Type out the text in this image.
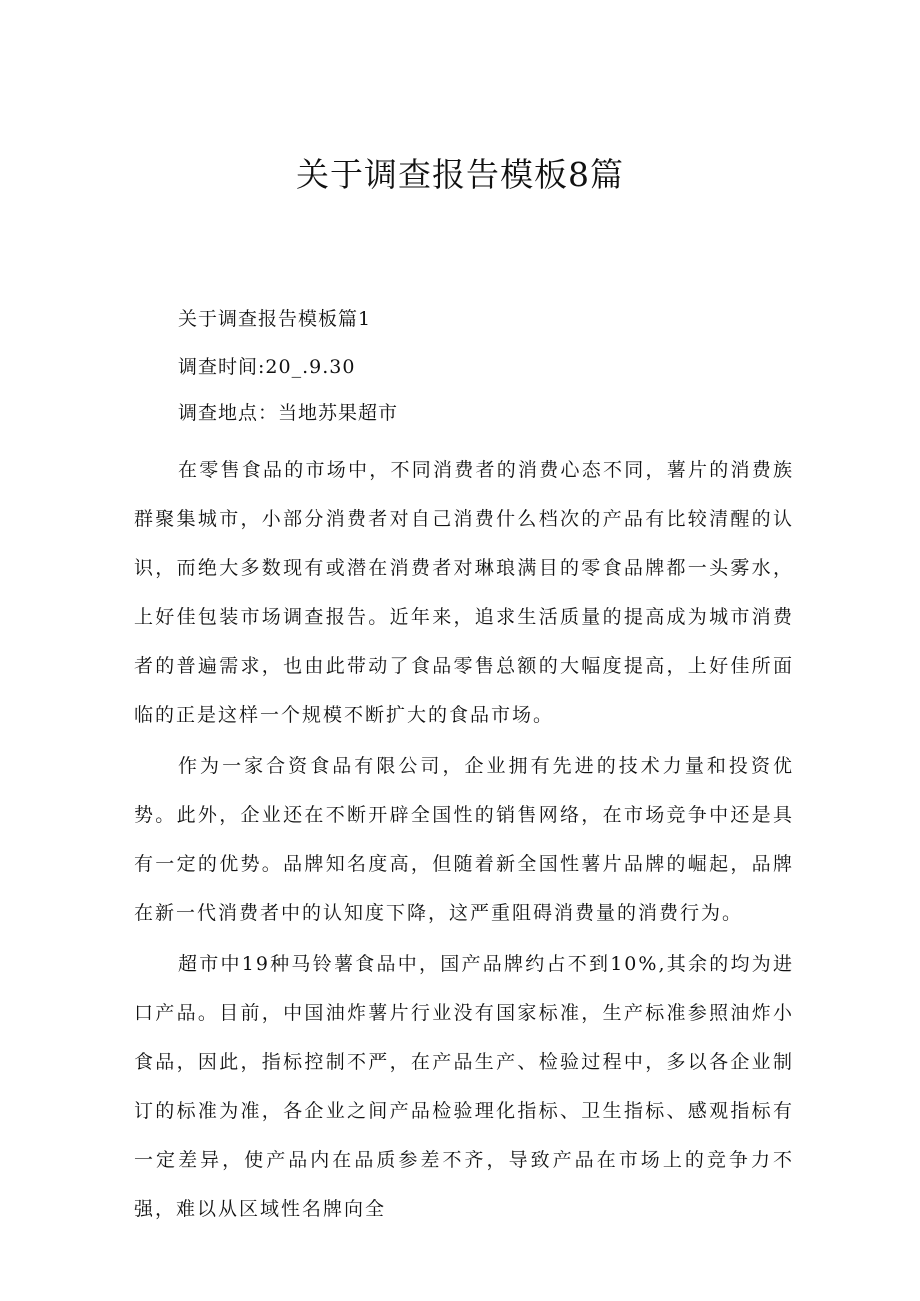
关于调查报告模板8篇

关于调查报告模板篇1

调查时间:20_.9.30

调查地点：当地苏果超市

在零售食品的市场中，不同消费者的消费心态不同，薯片的消费族群聚集城市，小部分消费者对自己消费什么档次的产品有比较清醒的认识，而绝大多数现有或潜在消费者对琳琅满目的零食品牌都一头雾水，上好佳包装市场调查报告。近年来，追求生活质量的提高成为城市消费者的普遍需求，也由此带动了食品零售总额的大幅度提高，上好佳所面临的正是这样一个规模不断扩大的食品市场。

作为一家合资食品有限公司，企业拥有先进的技术力量和投资优势。此外，企业还在不断开辟全国性的销售网络，在市场竞争中还是具有一定的优势。品牌知名度高，但随着新全国性薯片品牌的崛起，品牌在新一代消费者中的认知度下降，这严重阻碍消费量的消费行为。

超市中19种马铃薯食品中，国产品牌约占不到10%,其余的均为进口产品。目前，中国油炸薯片行业没有国家标准，生产标准参照油炸小食品，因此，指标控制不严，在产品生产、检验过程中，多以各企业制订的标准为准，各企业之间产品检验理化指标、卫生指标、感观指标有一定差异，使产品内在品质参差不齐，导致产品在市场上的竞争力不强，难以从区域性名牌向全
